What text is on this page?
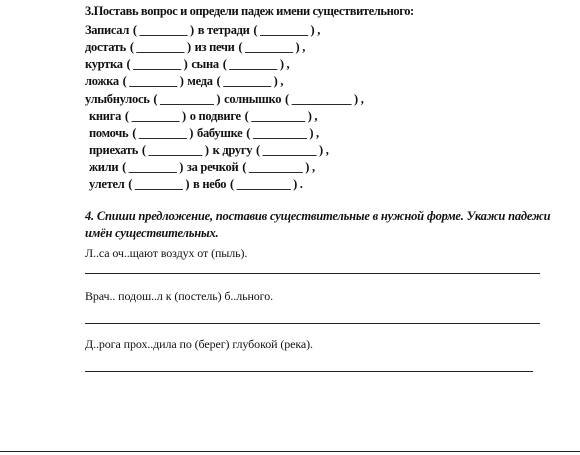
3.Поставь вопрос и определи падеж имени существительного:
Записал ( ________ ) в тетради ( ________ ) ,
достать ( ________ ) из печи ( ________ ) ,
куртка ( ________ ) сына ( ________ ) ,
ложка ( ________ ) меда ( ________ ) ,
улыбнулось ( _________ ) солнышко ( __________ ) ,
книга ( ________ ) о подвиге ( _________ ) ,
помочь ( ________ ) бабушке ( _________ ) ,
приехать ( _________ ) к другу ( _________ ) ,
жили ( ________ ) за речкой ( _________ ) ,
улетел ( ________ ) в небо ( _________ ) .
4. Спиши предложение, поставив существительные в нужной форме. Укажи падежи имён существительных.
Л..са оч..щают воздух от (пыль).
Врач.. подош..л к (постель) б..льного.
Д..рога прох..дила по (берег) глубокой (река).
